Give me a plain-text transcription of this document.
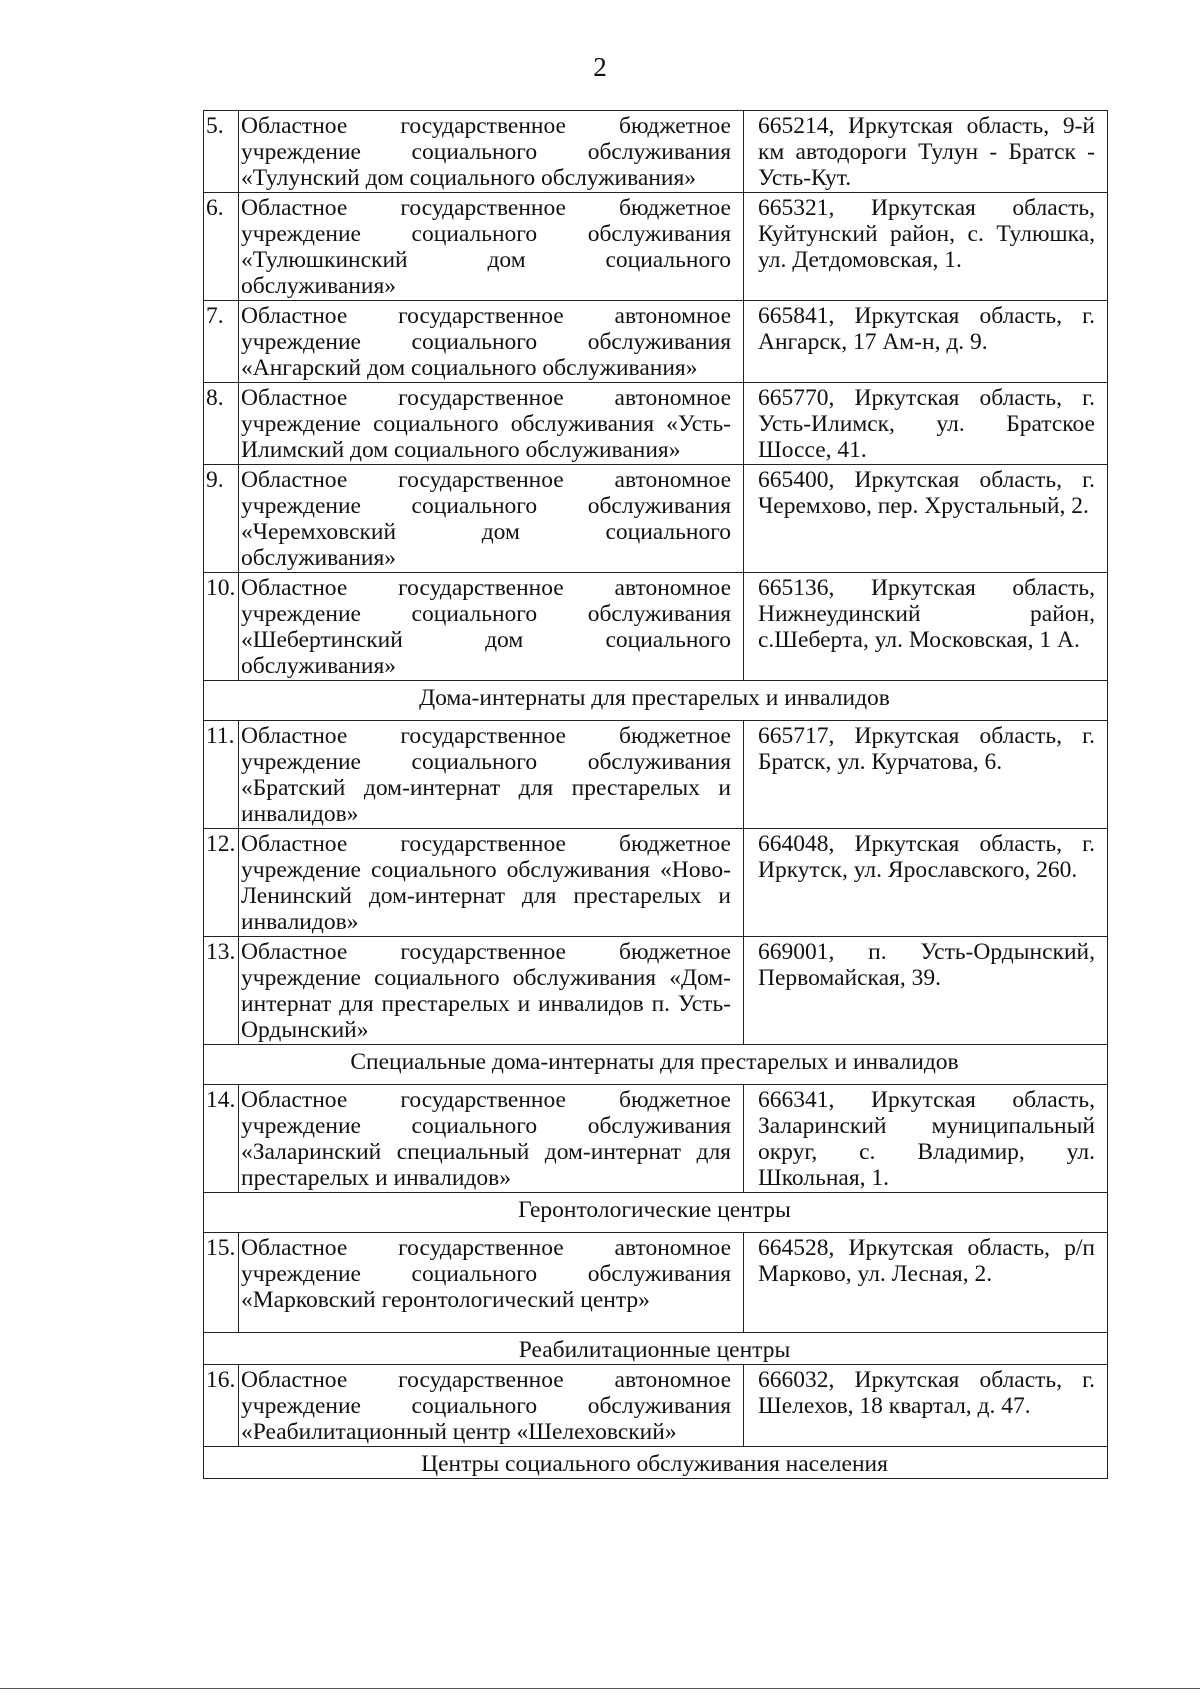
2
5.	Областное государственное бюджетное учреждение социального обслуживания «Тулунский дом социального обслуживания»	665214, Иркутская область, 9-й км автодороги Тулун - Братск - Усть-Кут.
6.	Областное государственное бюджетное учреждение социального обслуживания «Тулюшкинский дом социального обслуживания»	665321, Иркутская область, Куйтунский район, с. Тулюшка, ул. Детдомовская, 1.
7.	Областное государственное автономное учреждение социального обслуживания «Ангарский дом социального обслуживания»	665841, Иркутская область, г. Ангарск, 17 Ам-н, д. 9.
8.	Областное государственное автономное учреждение социального обслуживания «Усть-Илимский дом социального обслуживания»	665770, Иркутская область, г. Усть-Илимск, ул. Братское Шоссе, 41.
9.	Областное государственное автономное учреждение социального обслуживания «Черемховский дом социального обслуживания»	665400, Иркутская область, г. Черемхово, пер. Хрустальный, 2.
10.	Областное государственное автономное учреждение социального обслуживания «Шебертинский дом социального обслуживания»	665136, Иркутская область, Нижнеудинский район, с.Шеберта, ул. Московская, 1 А.
Дома-интернаты для престарелых и инвалидов		
11.	Областное государственное бюджетное учреждение социального обслуживания «Братский дом-интернат для престарелых и инвалидов»	665717, Иркутская область, г. Братск, ул. Курчатова, 6.
12.	Областное государственное бюджетное учреждение социального обслуживания «Ново-Ленинский дом-интернат для престарелых и инвалидов»	664048, Иркутская область, г. Иркутск, ул. Ярославского, 260.
13.	Областное государственное бюджетное учреждение социального обслуживания «Дом-интернат для престарелых и инвалидов п. Усть-Ордынский»	669001, п. Усть-Ордынский, Первомайская, 39.
Специальные дома-интернаты для престарелых и инвалидов		
14.	Областное государственное бюджетное учреждение социального обслуживания «Заларинский специальный дом-интернат для престарелых и инвалидов»	666341, Иркутская область, Заларинский муниципальный округ, с. Владимир, ул. Школьная, 1.
Геронтологические центры		
15.	Областное государственное автономное учреждение социального обслуживания «Марковский геронтологический центр»	664528, Иркутская область, р/п Марково, ул. Лесная, 2.
Реабилитационные центры		
16.	Областное государственное автономное учреждение социального обслуживания «Реабилитационный центр «Шелеховский»	666032, Иркутская область, г. Шелехов, 18 квартал, д. 47.
Центры социального обслуживания населения		
